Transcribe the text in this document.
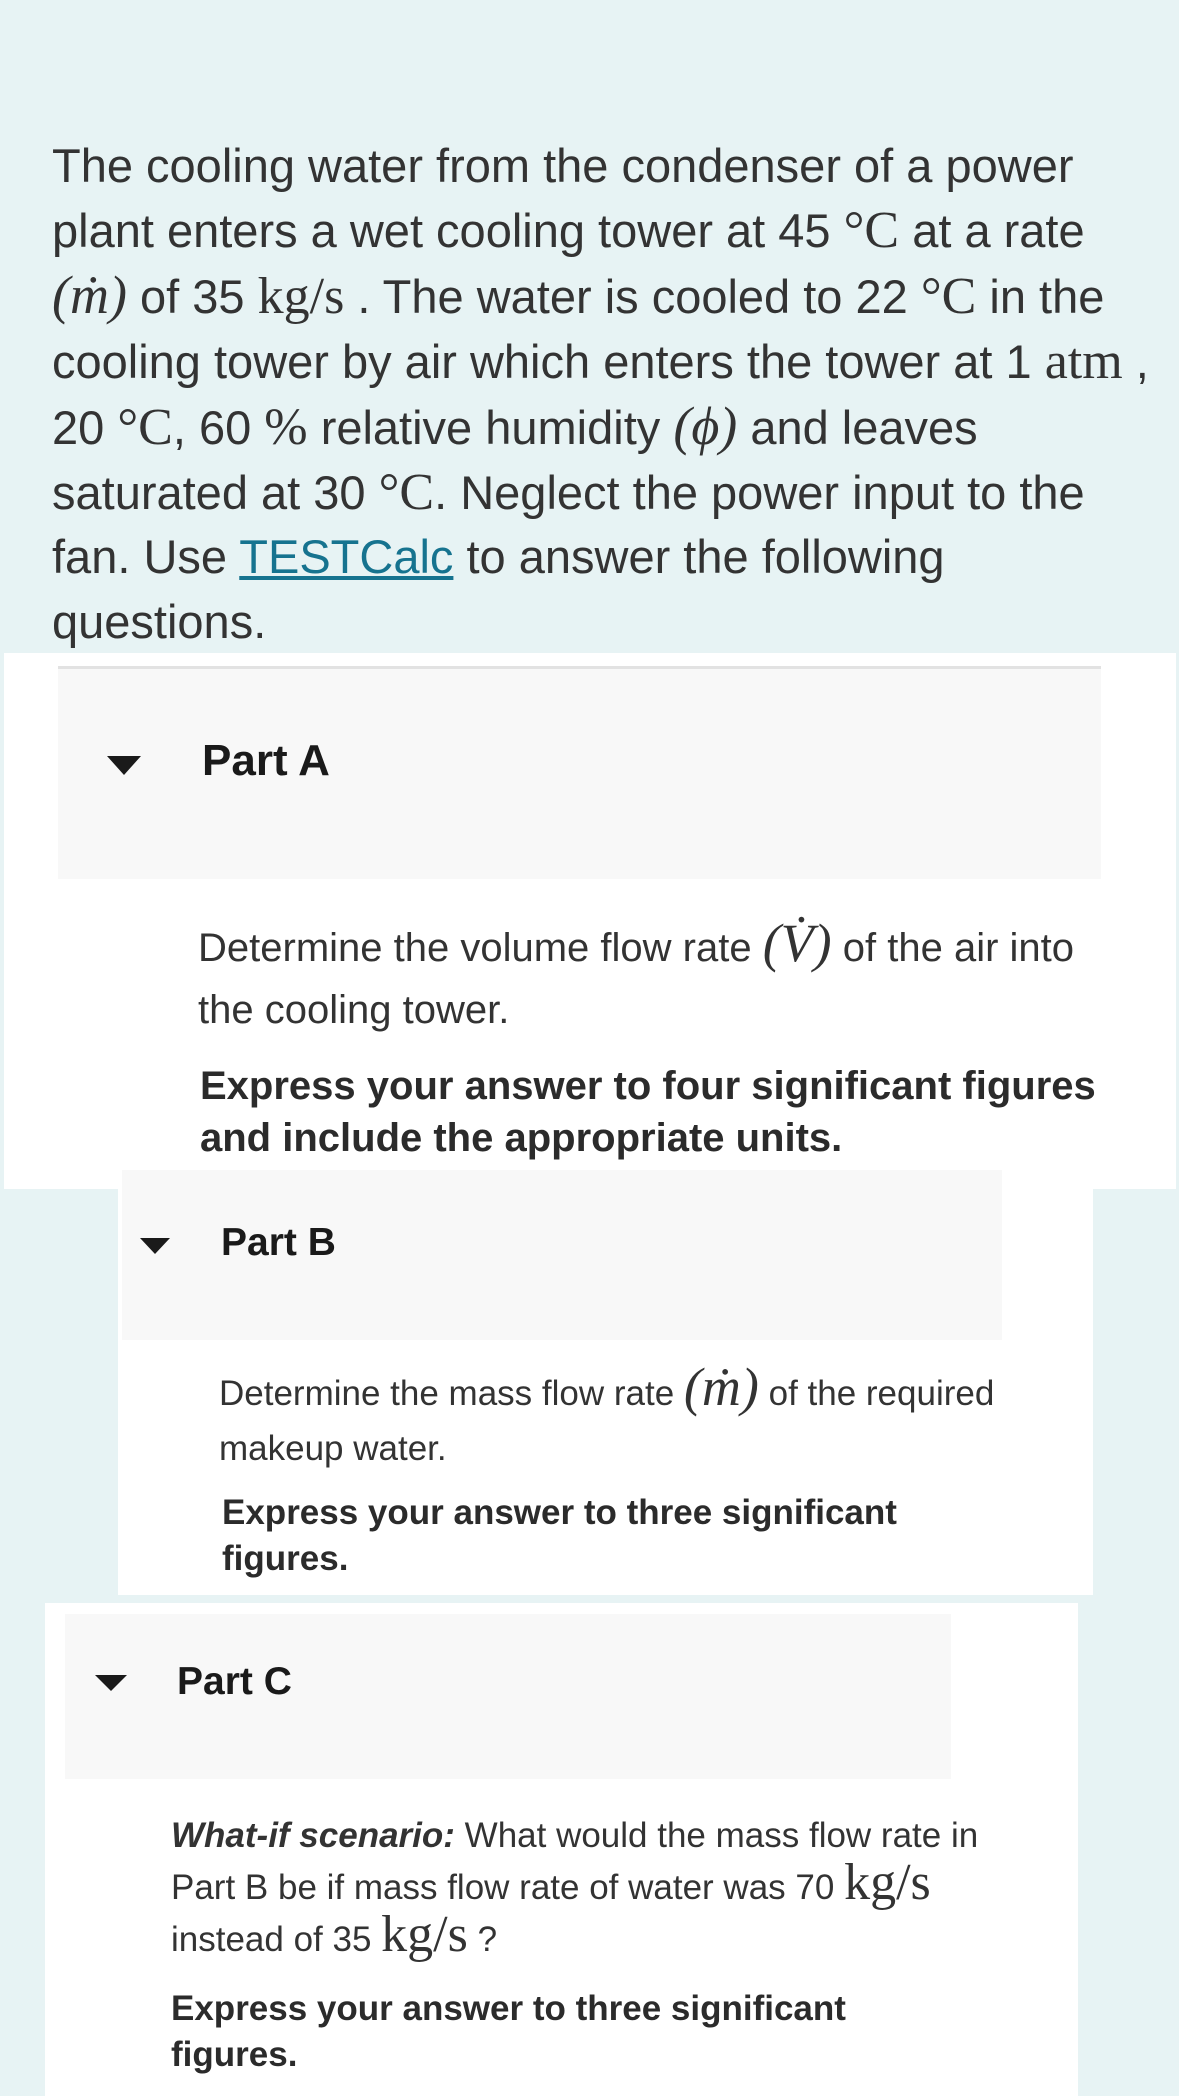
The cooling water from the condenser of a power plant enters a wet cooling tower at 45 °C at a rate (ṁ) of 35 kg/s . The water is cooled to 22 °C in the cooling tower by air which enters the tower at 1 atm , 20 °C, 60 % relative humidity (ϕ) and leaves saturated at 30 °C. Neglect the power input to the fan. Use TESTCalc to answer the following questions.
Part A
Determine the volume flow rate (V̇) of the air into the cooling tower.
Express your answer to four significant figures and include the appropriate units.
Part B
Determine the mass flow rate (ṁ) of the required makeup water.
Express your answer to three significant figures.
Part C
What-if scenario: What would the mass flow rate in Part B be if mass flow rate of water was 70 kg/s instead of 35 kg/s ?
Express your answer to three significant figures.
